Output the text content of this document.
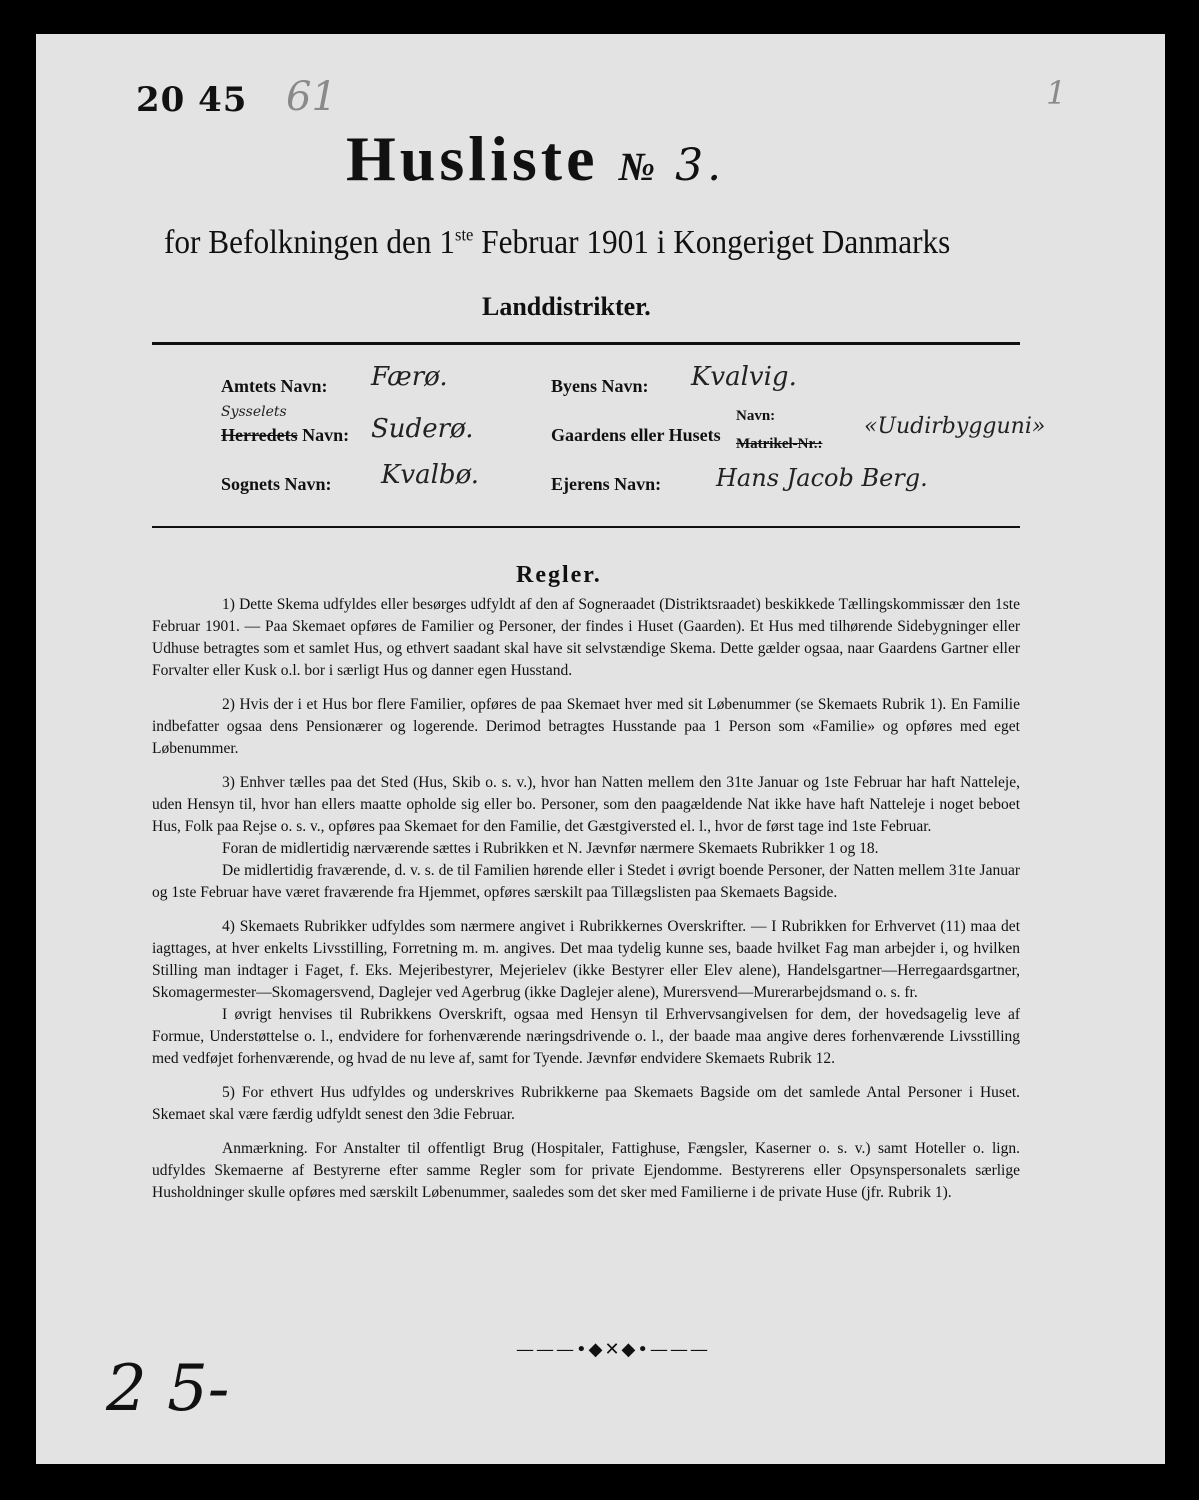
20 45 61	1
Husliste № 3.
for Befolkningen den 1ste Februar 1901 i Kongeriget Danmarks
Landdistrikter.
Amtets Navn: Færø.	Byens Navn: Kvalvig.
Sysselets
Herredets Navn: Suderø.	Gaardens eller Husets
Navn:
Matrikel-Nr.:
«Uudirbygguni»
Sognets Navn: Kvalbø.	Ejerens Navn: Hans Jacob Berg.
Regler.

1) Dette Skema udfyldes eller besørges udfyldt af den af Sogneraadet (Distriktsraadet) beskikkede Tællingskommissær den 1ste Februar 1901. — Paa Skemaet opføres de Familier og Personer, der findes i Huset (Gaarden). Et Hus med tilhørende Sidebygninger eller Udhuse betragtes som et samlet Hus, og ethvert saadant skal have sit selvstændige Skema. Dette gælder ogsaa, naar Gaardens Gartner eller Forvalter eller Kusk o.l. bor i særligt Hus og danner egen Husstand.

2) Hvis der i et Hus bor flere Familier, opføres de paa Skemaet hver med sit Løbenummer (se Skemaets Rubrik 1). En Familie indbefatter ogsaa dens Pensionærer og logerende. Derimod betragtes Husstande paa 1 Person som «Familie» og opføres med eget Løbenummer.

3) Enhver tælles paa det Sted (Hus, Skib o. s. v.), hvor han Natten mellem den 31te Januar og 1ste Februar har haft Natteleje, uden Hensyn til, hvor han ellers maatte opholde sig eller bo. Personer, som den paagældende Nat ikke have haft Natteleje i noget beboet Hus, Folk paa Rejse o. s. v., opføres paa Skemaet for den Familie, det Gæstgiversted el. l., hvor de først tage ind 1ste Februar.

Foran de midlertidig nærværende sættes i Rubrikken et N. Jævnfør nærmere Skemaets Rubrikker 1 og 18.

De midlertidig fraværende, d. v. s. de til Familien hørende eller i Stedet i øvrigt boende Personer, der Natten mellem 31te Januar og 1ste Februar have været fraværende fra Hjemmet, opføres særskilt paa Tillægslisten paa Skemaets Bagside.

4) Skemaets Rubrikker udfyldes som nærmere angivet i Rubrikkernes Overskrifter. — I Rubrikken for Erhvervet (11) maa det iagttages, at hver enkelts Livsstilling, Forretning m. m. angives. Det maa tydelig kunne ses, baade hvilket Fag man arbejder i, og hvilken Stilling man indtager i Faget, f. Eks. Mejeribestyrer, Mejerielev (ikke Bestyrer eller Elev alene), Handelsgartner—Herregaardsgartner, Skomagermester—Skomagersvend, Daglejer ved Agerbrug (ikke Daglejer alene), Murersvend—Murerarbejdsmand o. s. fr.

I øvrigt henvises til Rubrikkens Overskrift, ogsaa med Hensyn til Erhvervsangivelsen for dem, der hovedsagelig leve af Formue, Understøttelse o. l., endvidere for forhenværende næringsdrivende o. l., der baade maa angive deres forhenværende Livsstilling med vedføjet forhenværende, og hvad de nu leve af, samt for Tyende. Jævnfør endvidere Skemaets Rubrik 12.

5) For ethvert Hus udfyldes og underskrives Rubrikkerne paa Skemaets Bagside om det samlede Antal Personer i Huset. Skemaet skal være færdig udfyldt senest den 3die Februar.

Anmærkning. For Anstalter til offentligt Brug (Hospitaler, Fattighuse, Fængsler, Kaserner o. s. v.) samt Hoteller o. lign. udfyldes Skemaerne af Bestyrerne efter samme Regler som for private Ejendomme. Bestyrerens eller Opsynspersonalets særlige Husholdninger skulle opføres med særskilt Løbenummer, saaledes som det sker med Familierne i de private Huse (jfr. Rubrik 1).

———•◆✕◆•———
2 5-
